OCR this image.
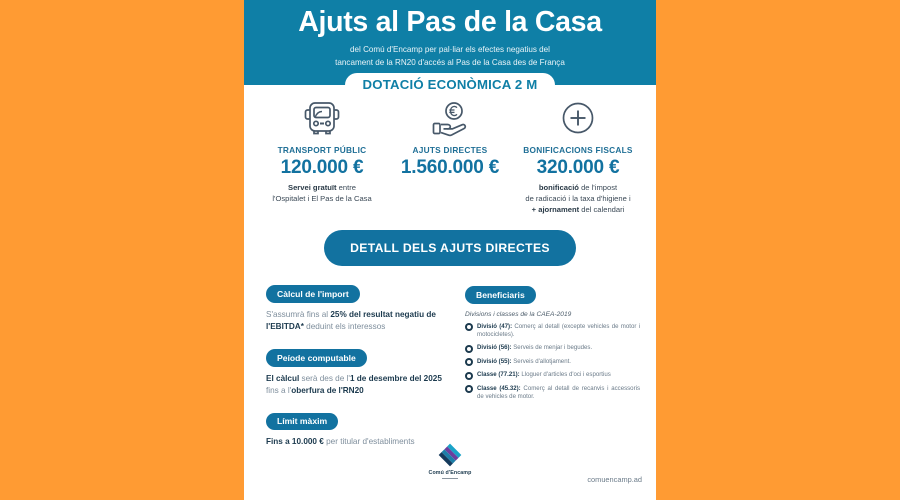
Ajuts al Pas de la Casa
del Comú d'Encamp per pal·liar els efectes negatius del
tancament de la RN20 d'accés al Pas de la Casa des de França
DOTACIÓ ECONÒMICA 2 M
TRANSPORT PÚBLIC
120.000 €
Servei gratuït entre
l'Ospitalet i El Pas de la Casa
AJUTS DIRECTES
1.560.000 €
BONIFICACIONS FISCALS
320.000 €
bonificació de l'impost
de radicació i la taxa d'higiene i
+ ajornament del calendari
DETALL DELS AJUTS DIRECTES
Càlcul de l'import
S'assumrà fins al 25% del resultat negatiu de l'EBITDA* deduint els interessos
Peíode computable
El càlcul serà des de l'1 de desembre del 2025 fins a l'oberfura de l'RN20
Límit màxim
Fins a 10.000 € per titular d'establiments
Beneficiaris
Divisions i classes de la CAEA-2019
Divisió (47): Comerç al detall (excepte vehicles de motor i motocicletes).
Divisió (56): Serveis de menjar i begudes.
Divisió (55): Serveis d'allotjament.
Classe (77.21): Lloguer d'articles d'oci i esportius
Classe (45.32): Comerç al detall de recanvis i accessoris de vehicles de motor.
Comú d'Encamp
comuencamp.ad
